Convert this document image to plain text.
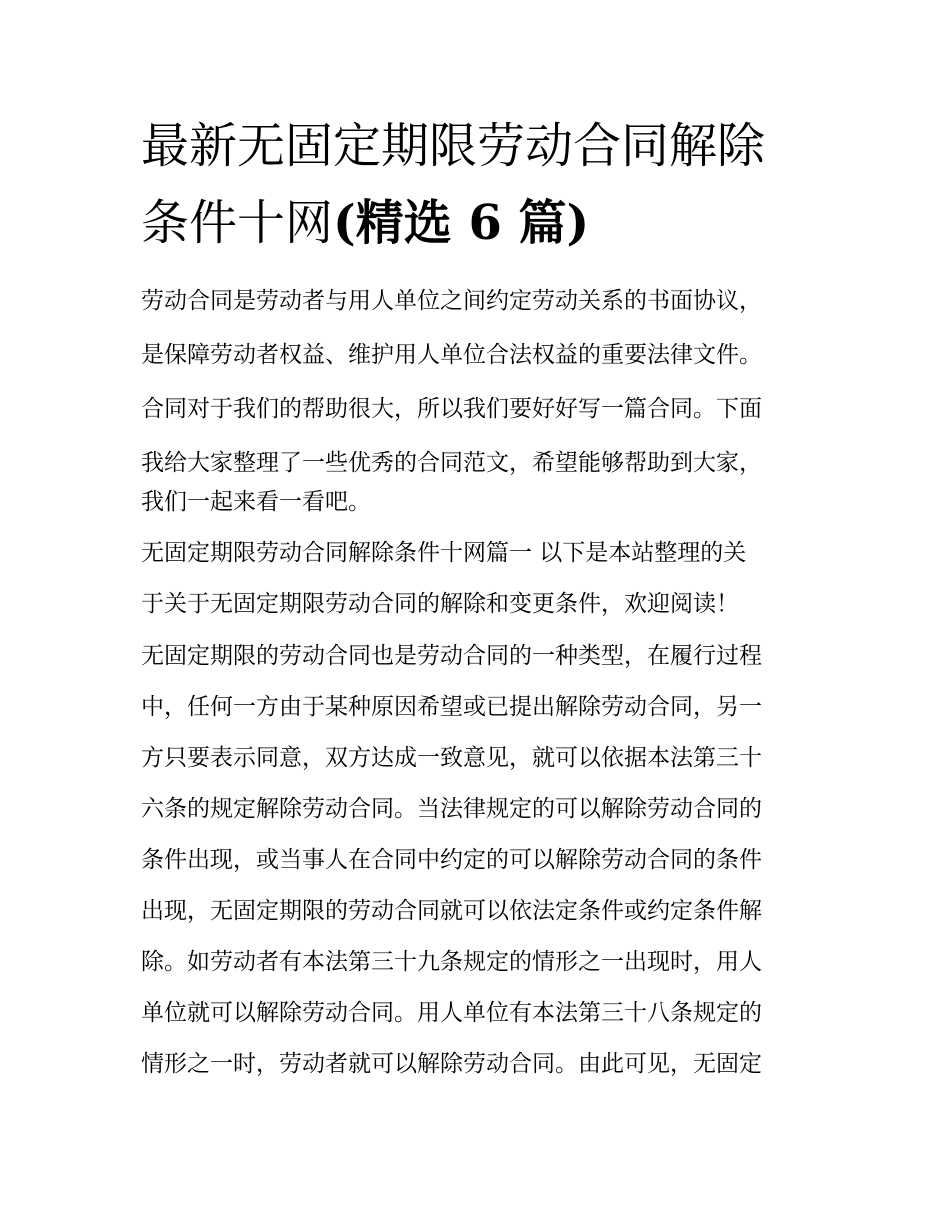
最新无固定期限劳动合同解除
条件十网(精选 6 篇)
劳动合同是劳动者与用人单位之间约定劳动关系的书面协议，
是保障劳动者权益、维护用人单位合法权益的重要法律文件。
合同对于我们的帮助很大，所以我们要好好写一篇合同。下面
我给大家整理了一些优秀的合同范文，希望能够帮助到大家，
我们一起来看一看吧。
无固定期限劳动合同解除条件十网篇一 以下是本站整理的关
于关于无固定期限劳动合同的解除和变更条件，欢迎阅读！
无固定期限的劳动合同也是劳动合同的一种类型，在履行过程
中，任何一方由于某种原因希望或已提出解除劳动合同，另一
方只要表示同意，双方达成一致意见，就可以依据本法第三十
六条的规定解除劳动合同。当法律规定的可以解除劳动合同的
条件出现，或当事人在合同中约定的可以解除劳动合同的条件
出现，无固定期限的劳动合同就可以依法定条件或约定条件解
除。如劳动者有本法第三十九条规定的情形之一出现时，用人
单位就可以解除劳动合同。用人单位有本法第三十八条规定的
情形之一时，劳动者就可以解除劳动合同。由此可见，无固定
